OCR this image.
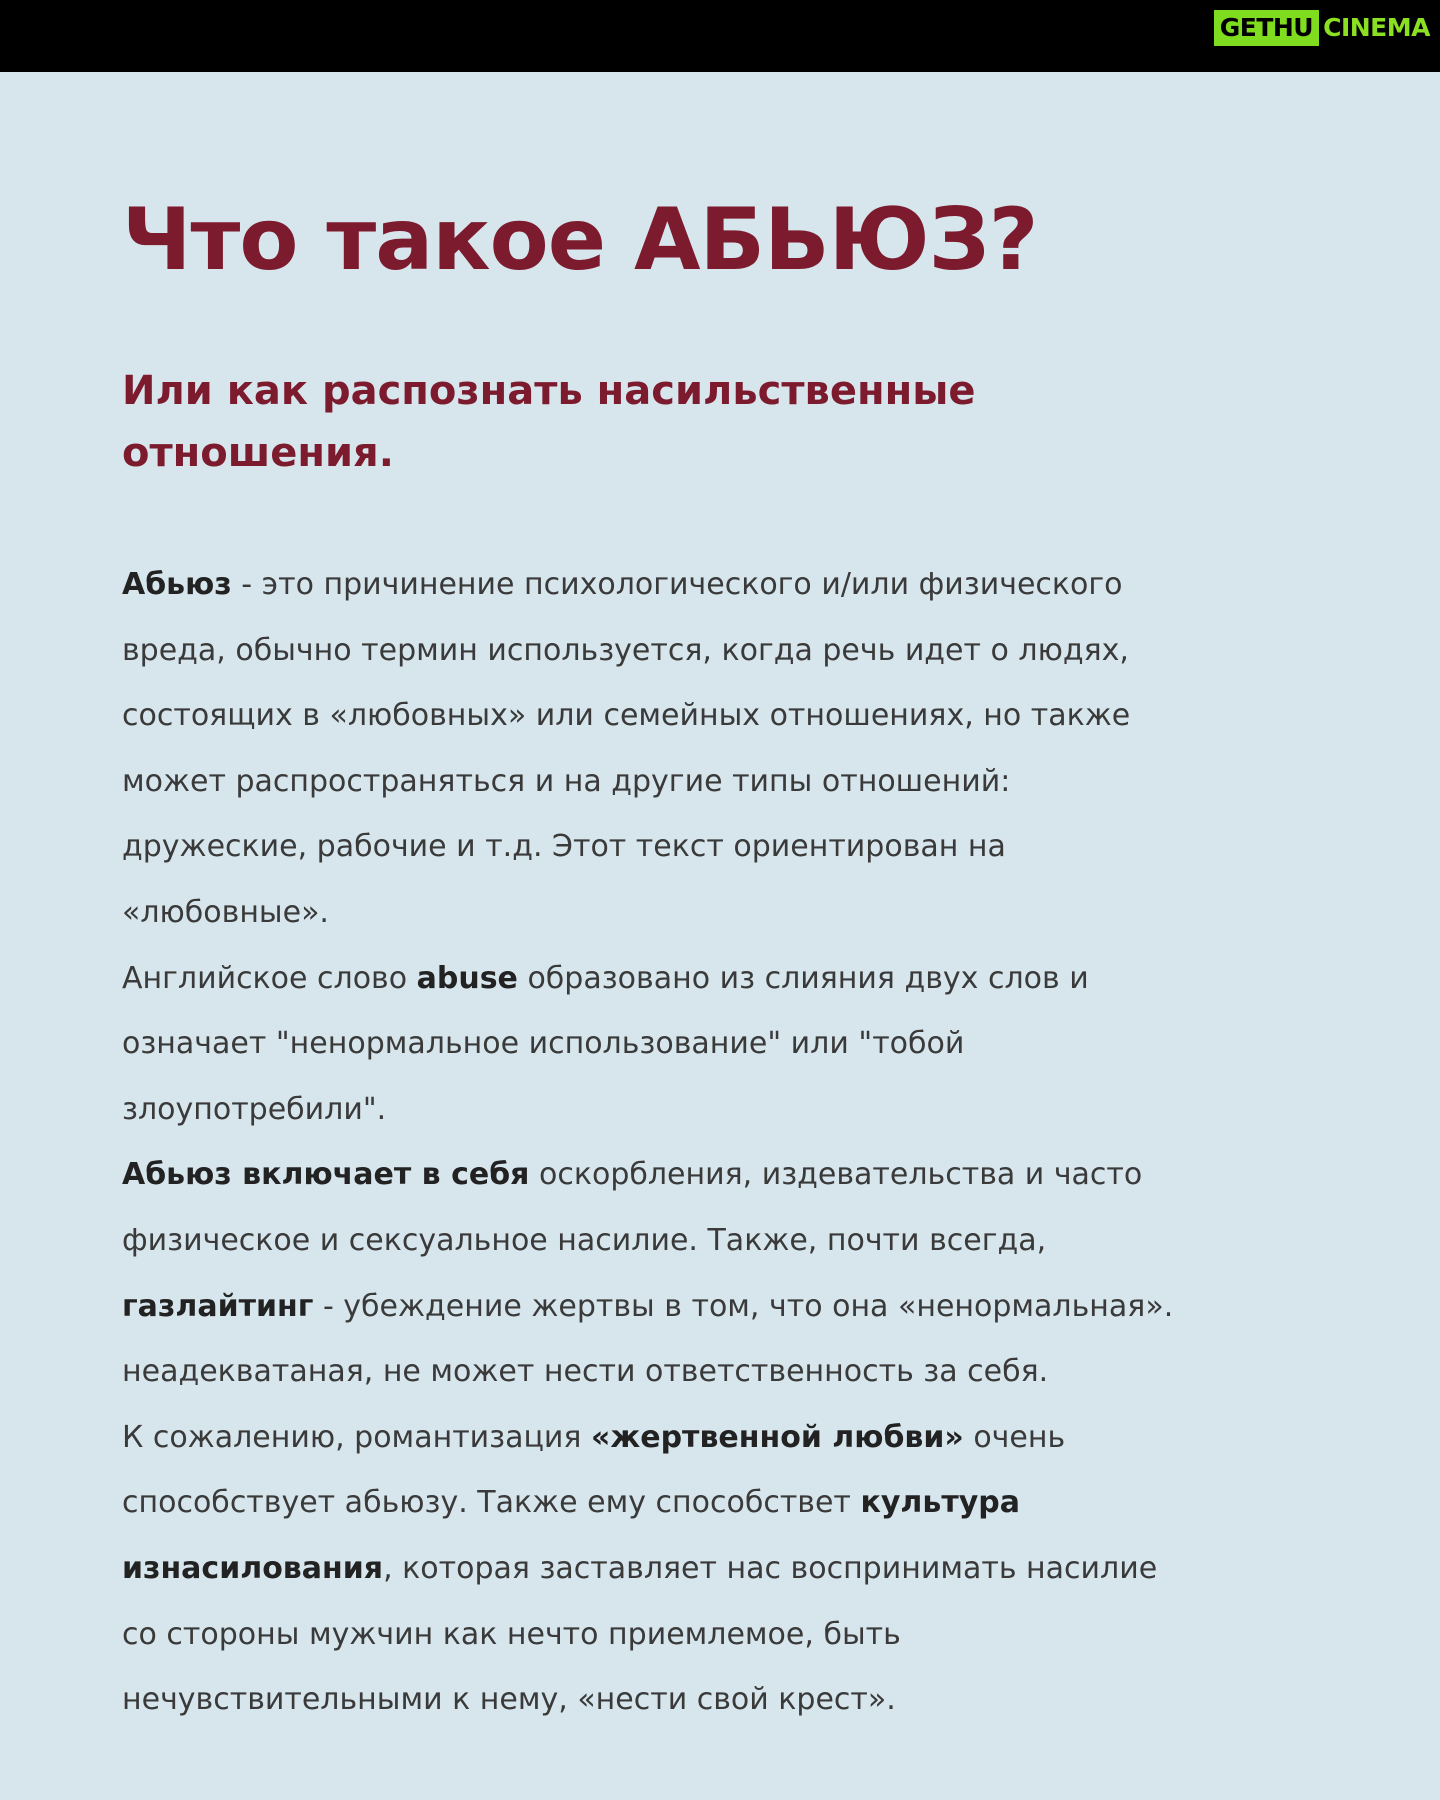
GETHU CINEMA
Что такое АБЬЮЗ?
Или как распознать насильственные
отношения.
Абьюз - это причинение психологического и/или физического
вреда, обычно термин используется, когда речь идет о людях,
состоящих в «любовных» или семейных отношениях, но также
может распространяться и на другие типы отношений:
дружеские, рабочие и т.д. Этот текст ориентирован на
«любовные».
Английское слово abuse образовано из слияния двух слов и
означает "ненормальное использование" или "тобой
злоупотребили".
Абьюз включает в себя оскорбления, издевательства и часто
физическое и сексуальное насилие. Также, почти всегда,
газлайтинг - убеждение жертвы в том, что она «ненормальная».
неадекватаная, не может нести ответственность за себя.
К сожалению, романтизация «жертвенной любви» очень
способствует абьюзу. Также ему способствет культура
изнасилования, которая заставляет нас воспринимать насилие
со стороны мужчин как нечто приемлемое, быть
нечувствительными к нему, «нести свой крест».
